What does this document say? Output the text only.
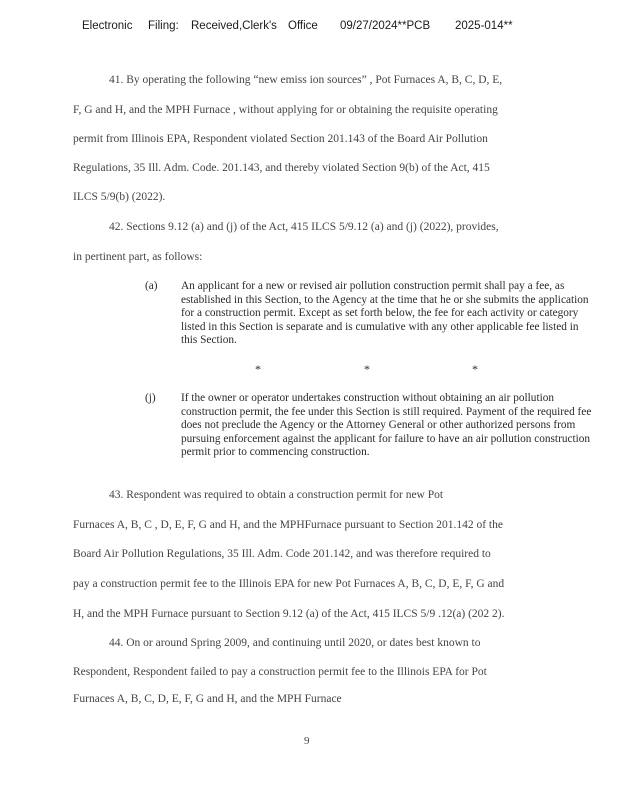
Electronic Filing: Received,Clerk's Office 09/27/2024**PCB 2025-014**
41. By operating the following “new emiss ion sources” , Pot Furnaces A, B, C, D, E,
F, G and H, and the MPH Furnace , without applying for or obtaining the requisite operating
permit from Illinois EPA, Respondent violated Section 201.143 of the Board Air Pollution
Regulations, 35 Ill. Adm. Code. 201.143, and thereby violated Section 9(b) of the Act, 415
ILCS 5/9(b) (2022).
42. Sections 9.12 (a) and (j) of the Act, 415 ILCS 5/9.12 (a) and (j) (2022), provides,
in pertinent part, as follows:
(a) An applicant for a new or revised air pollution construction permit shall pay a fee, as established in this Section, to the Agency at the time that he or she submits the application for a construction permit. Except as set forth below, the fee for each activity or category listed in this Section is separate and is cumulative with any other applicable fee listed in this Section.
*	*	*
(j) If the owner or operator undertakes construction without obtaining an air pollution construction permit, the fee under this Section is still required. Payment of the required fee does not preclude the Agency or the Attorney General or other authorized persons from pursuing enforcement against the applicant for failure to have an air pollution construction permit prior to commencing construction.
43. Respondent was required to obtain a construction permit for new Pot
Furnaces A, B, C , D, E, F, G and H, and the MPHFurnace pursuant to Section 201.142 of the
Board Air Pollution Regulations, 35 Ill. Adm. Code 201.142, and was therefore required to
pay a construction permit fee to the Illinois EPA for new Pot Furnaces A, B, C, D, E, F, G and
H, and the MPH Furnace pursuant to Section 9.12 (a) of the Act, 415 ILCS 5/9 .12(a) (202 2).
44. On or around Spring 2009, and continuing until 2020, or dates best known to
Respondent, Respondent failed to pay a construction permit fee to the Illinois EPA for Pot
Furnaces A, B, C, D, E, F, G and H, and the MPH Furnace
9
